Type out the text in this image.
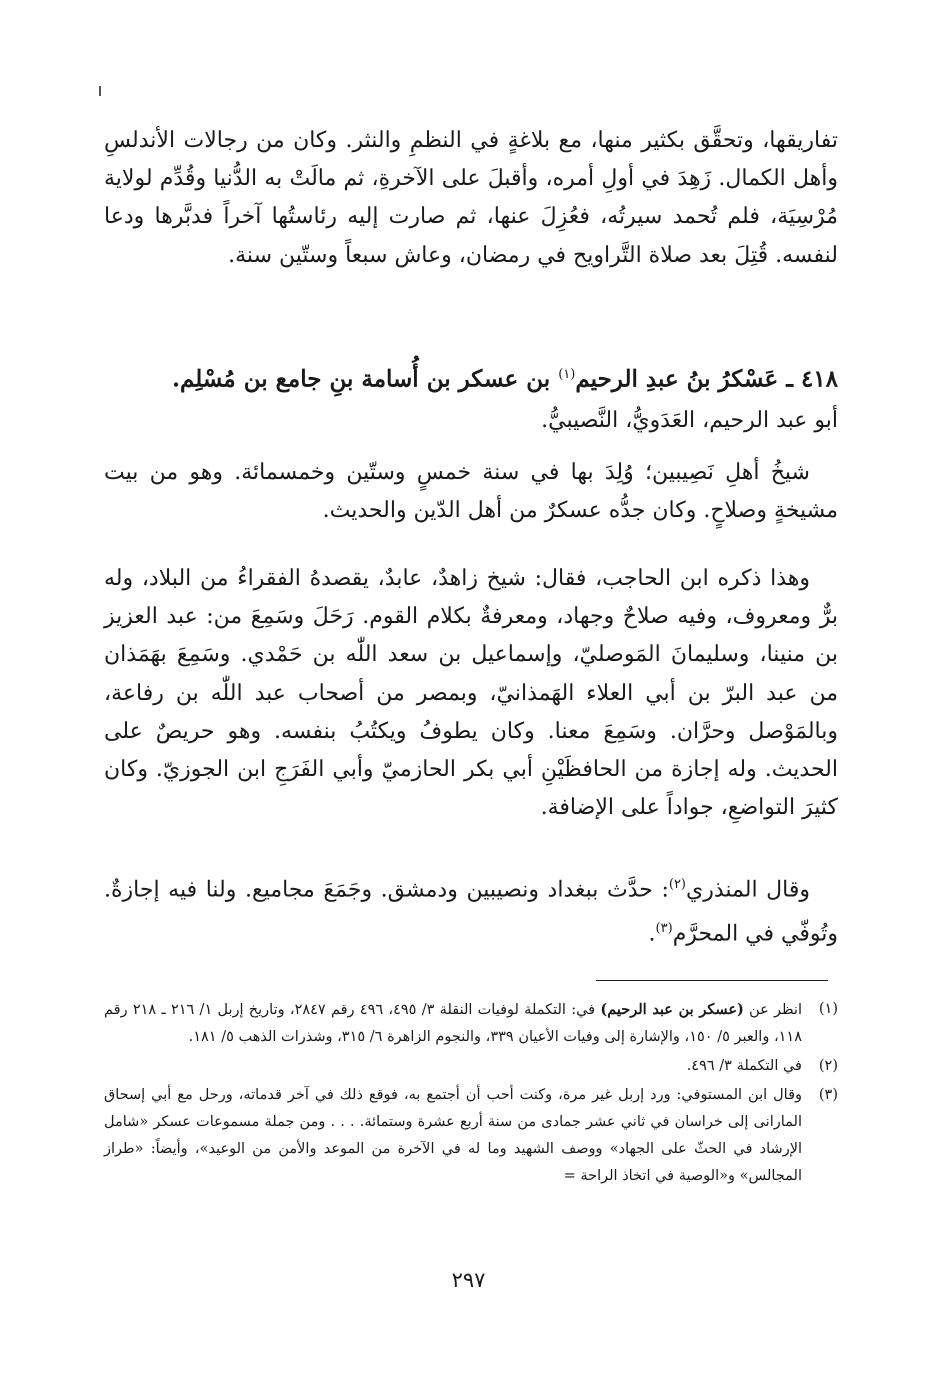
تفاريقها، وتحقَّق بكثير منها، مع بلاغةٍ في النظمِ والنثر. وكان من رجالات الأندلسِ وأهل الكمال. زَهِدَ في أولِ أمره، وأقبلَ على الآخرةِ، ثم مالَتْ به الدُّنيا وقُدِّم لولاية مُرْسِيَة، فلم تُحمد سيرتُه، فعُزِلَ عنها، ثم صارت إليه رئاستُها آخراً فدبَّرها ودعا لنفسه. قُتِلَ بعد صلاة التَّراويح في رمضان، وعاش سبعاً وستّين سنة.

٤١٨ ـ عَسْكرُ بنُ عبدِ الرحيم$^{(١)}$ بن عسكر بن أُسامة بنِ جامع بن مُسْلِم.

أبو عبد الرحيم، العَدَويُّ، النَّصيبيُّ.

شيخُ أهلِ نَصِيبين؛ وُلِدَ بها في سنة خمسٍ وستّين وخمسمائة. وهو من بيت مشيخةٍ وصلاحٍ. وكان جدُّه عسكرٌ من أهل الدّين والحديث.

وهذا ذكره ابن الحاجب، فقال: شيخ زاهدٌ، عابدٌ، يقصدهُ الفقراءُ من البلاد، وله برٌّ ومعروف، وفيه صلاحٌ وجهاد، ومعرفةٌ بكلام القوم. رَحَلَ وسَمِعَ من: عبد العزيز بن منينا، وسليمانَ المَوصليّ، وإسماعيل بن سعد اللّٰه بن حَمْدي. وسَمِعَ بهَمَذان من عبد البرّ بن أبي العلاء الهَمذانيّ، وبمصر من أصحاب عبد اللّٰه بن رفاعة، وبالمَوْصل وحرَّان. وسَمِعَ معنا. وكان يطوفُ ويكتُبُ بنفسه. وهو حريصٌ على الحديث. وله إجازة من الحافظَيْنِ أبي بكر الحازميّ وأبي الفَرَجِ ابن الجوزيّ. وكان كثيرَ التواضعِ، جواداً على الإضافة.

وقال المنذري$^{(٢)}$: حدَّث ببغداد ونصيبين ودمشق. وجَمَعَ مجاميع. ولنا فيه إجازةٌ. وتُوفّي في المحرَّم$^{(٣)}$.

(١)
انظر عن (عسكر بن عبد الرحيم) في: التكملة لوفيات النقلة ٣/ ٤٩٥، ٤٩٦ رقم ٢٨٤٧، وتاريخ إربل ١/ ٢١٦ ـ ٢١٨ رقم ١١٨، والعبر ٥/ ١٥٠، والإشارة إلى وفيات الأعيان ٣٣٩، والنجوم الزاهرة ٦/ ٣١٥، وشذرات الذهب ٥/ ١٨١.
(٢)
في التكملة ٣/ ٤٩٦.
(٣)
وقال ابن المستوفي: ورد إربل غير مرة، وكنت أحب أن أجتمع به، فوقع ذلك في آخر قدماته، ورحل مع أبي إسحاق المارانى إلى خراسان في ثاني عشر جمادى من سنة أربع عشرة وستمائة. . . . ومن جملة مسموعات عسكر «شامل الإرشاد في الحثّ على الجهاد» ووصف الشهيد وما له في الآخرة من الموعد والأمن من الوعيد»، وأيضاً: «طراز المجالس» و«الوصية في اتخاذ الراحة =
٢٩٧
